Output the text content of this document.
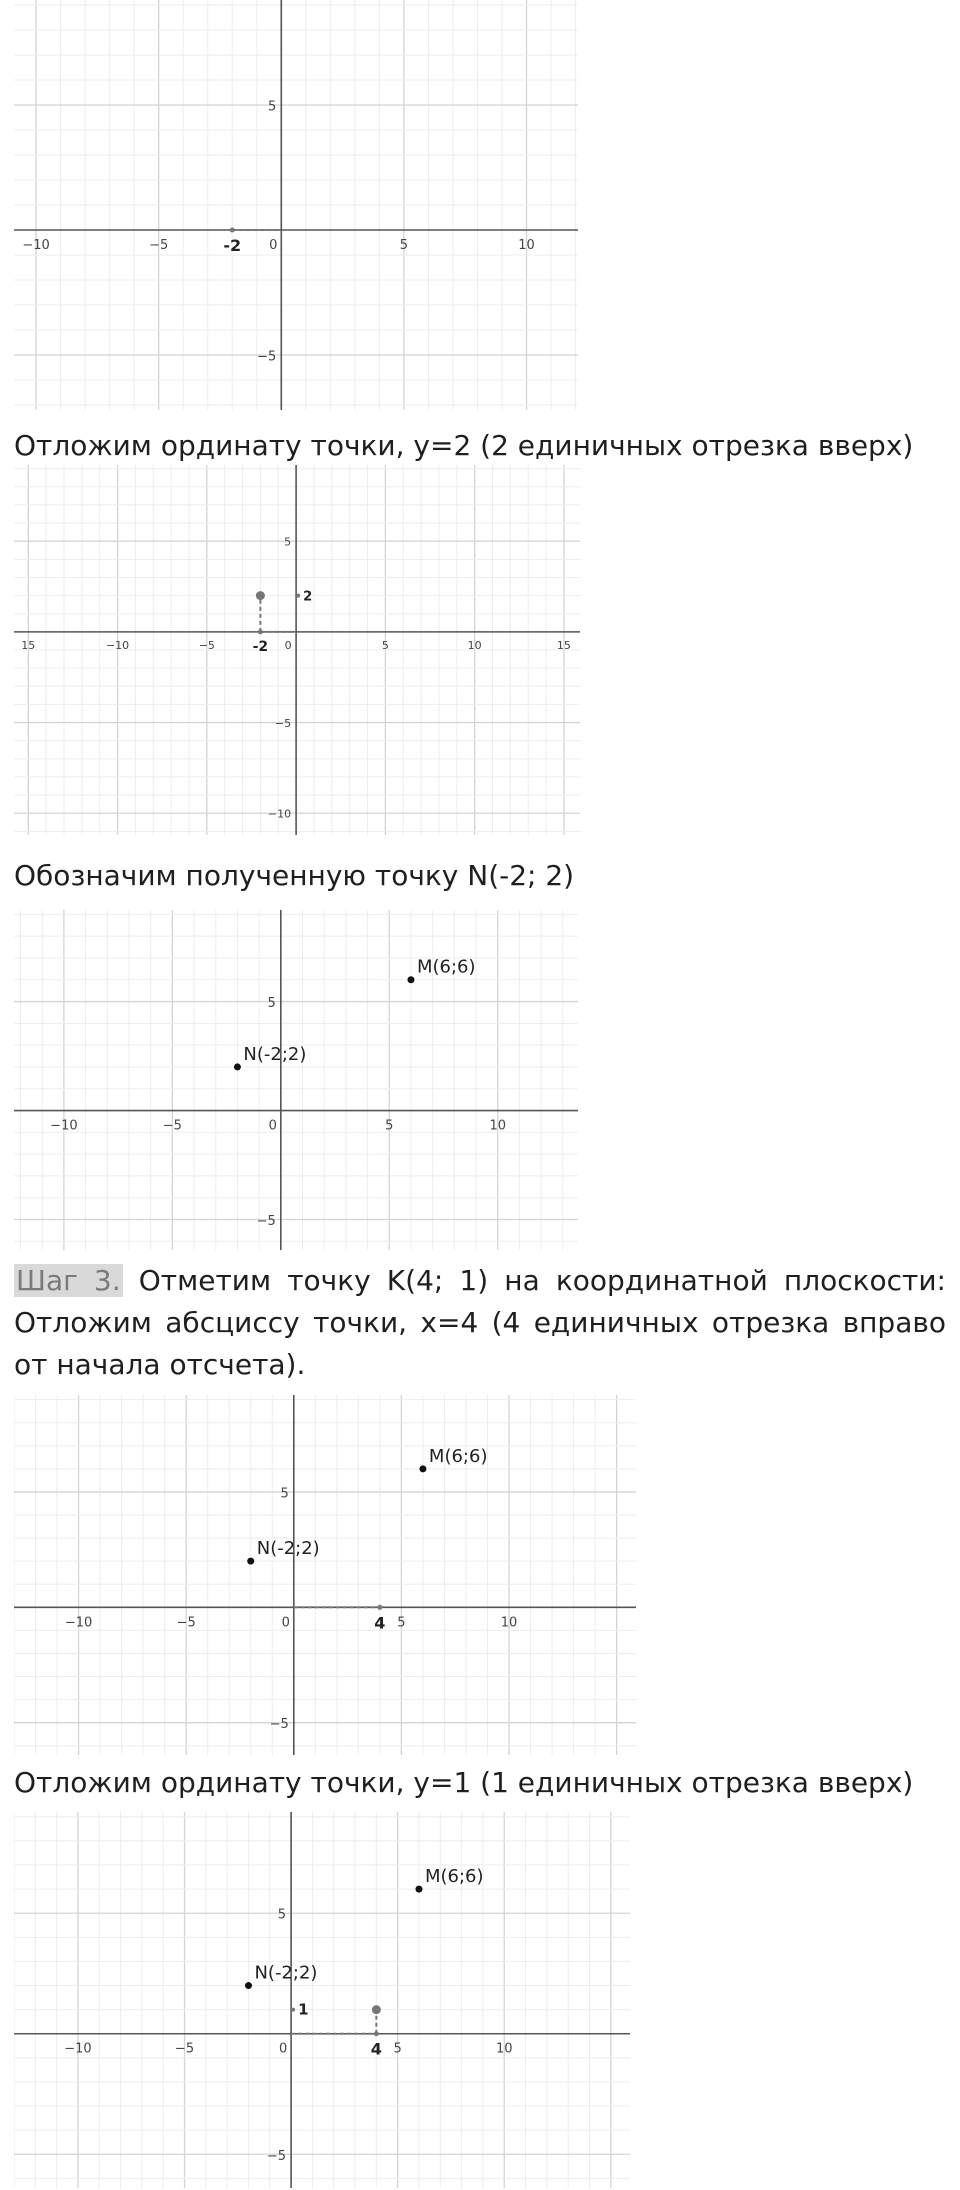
−10	−5	0	5	10
−5
5
-2

Отложим ординату точки, y=2 (2 единичных отрезка вверх)

15	−10	−5	0	5	10	15
−10
−5
5
-2
2

Обозначим полученную точку N(-2; 2)

−10	−5	0	5	10
−5
5
M(6;6)
N(-2;2)

Шаг 3. Отметим точку K(4; 1) на координатной плоскости: Отложим абсциссу точки, x=4 (4 единичных отрезка вправо от начала отсчета).

−10	−5	0	5	10
−5
5
4
M(6;6)
N(-2;2)

Отложим ординату точки, y=1 (1 единичных отрезка вверх)

−10	−5	0	5	10
−5
5
4
1
M(6;6)
N(-2;2)
